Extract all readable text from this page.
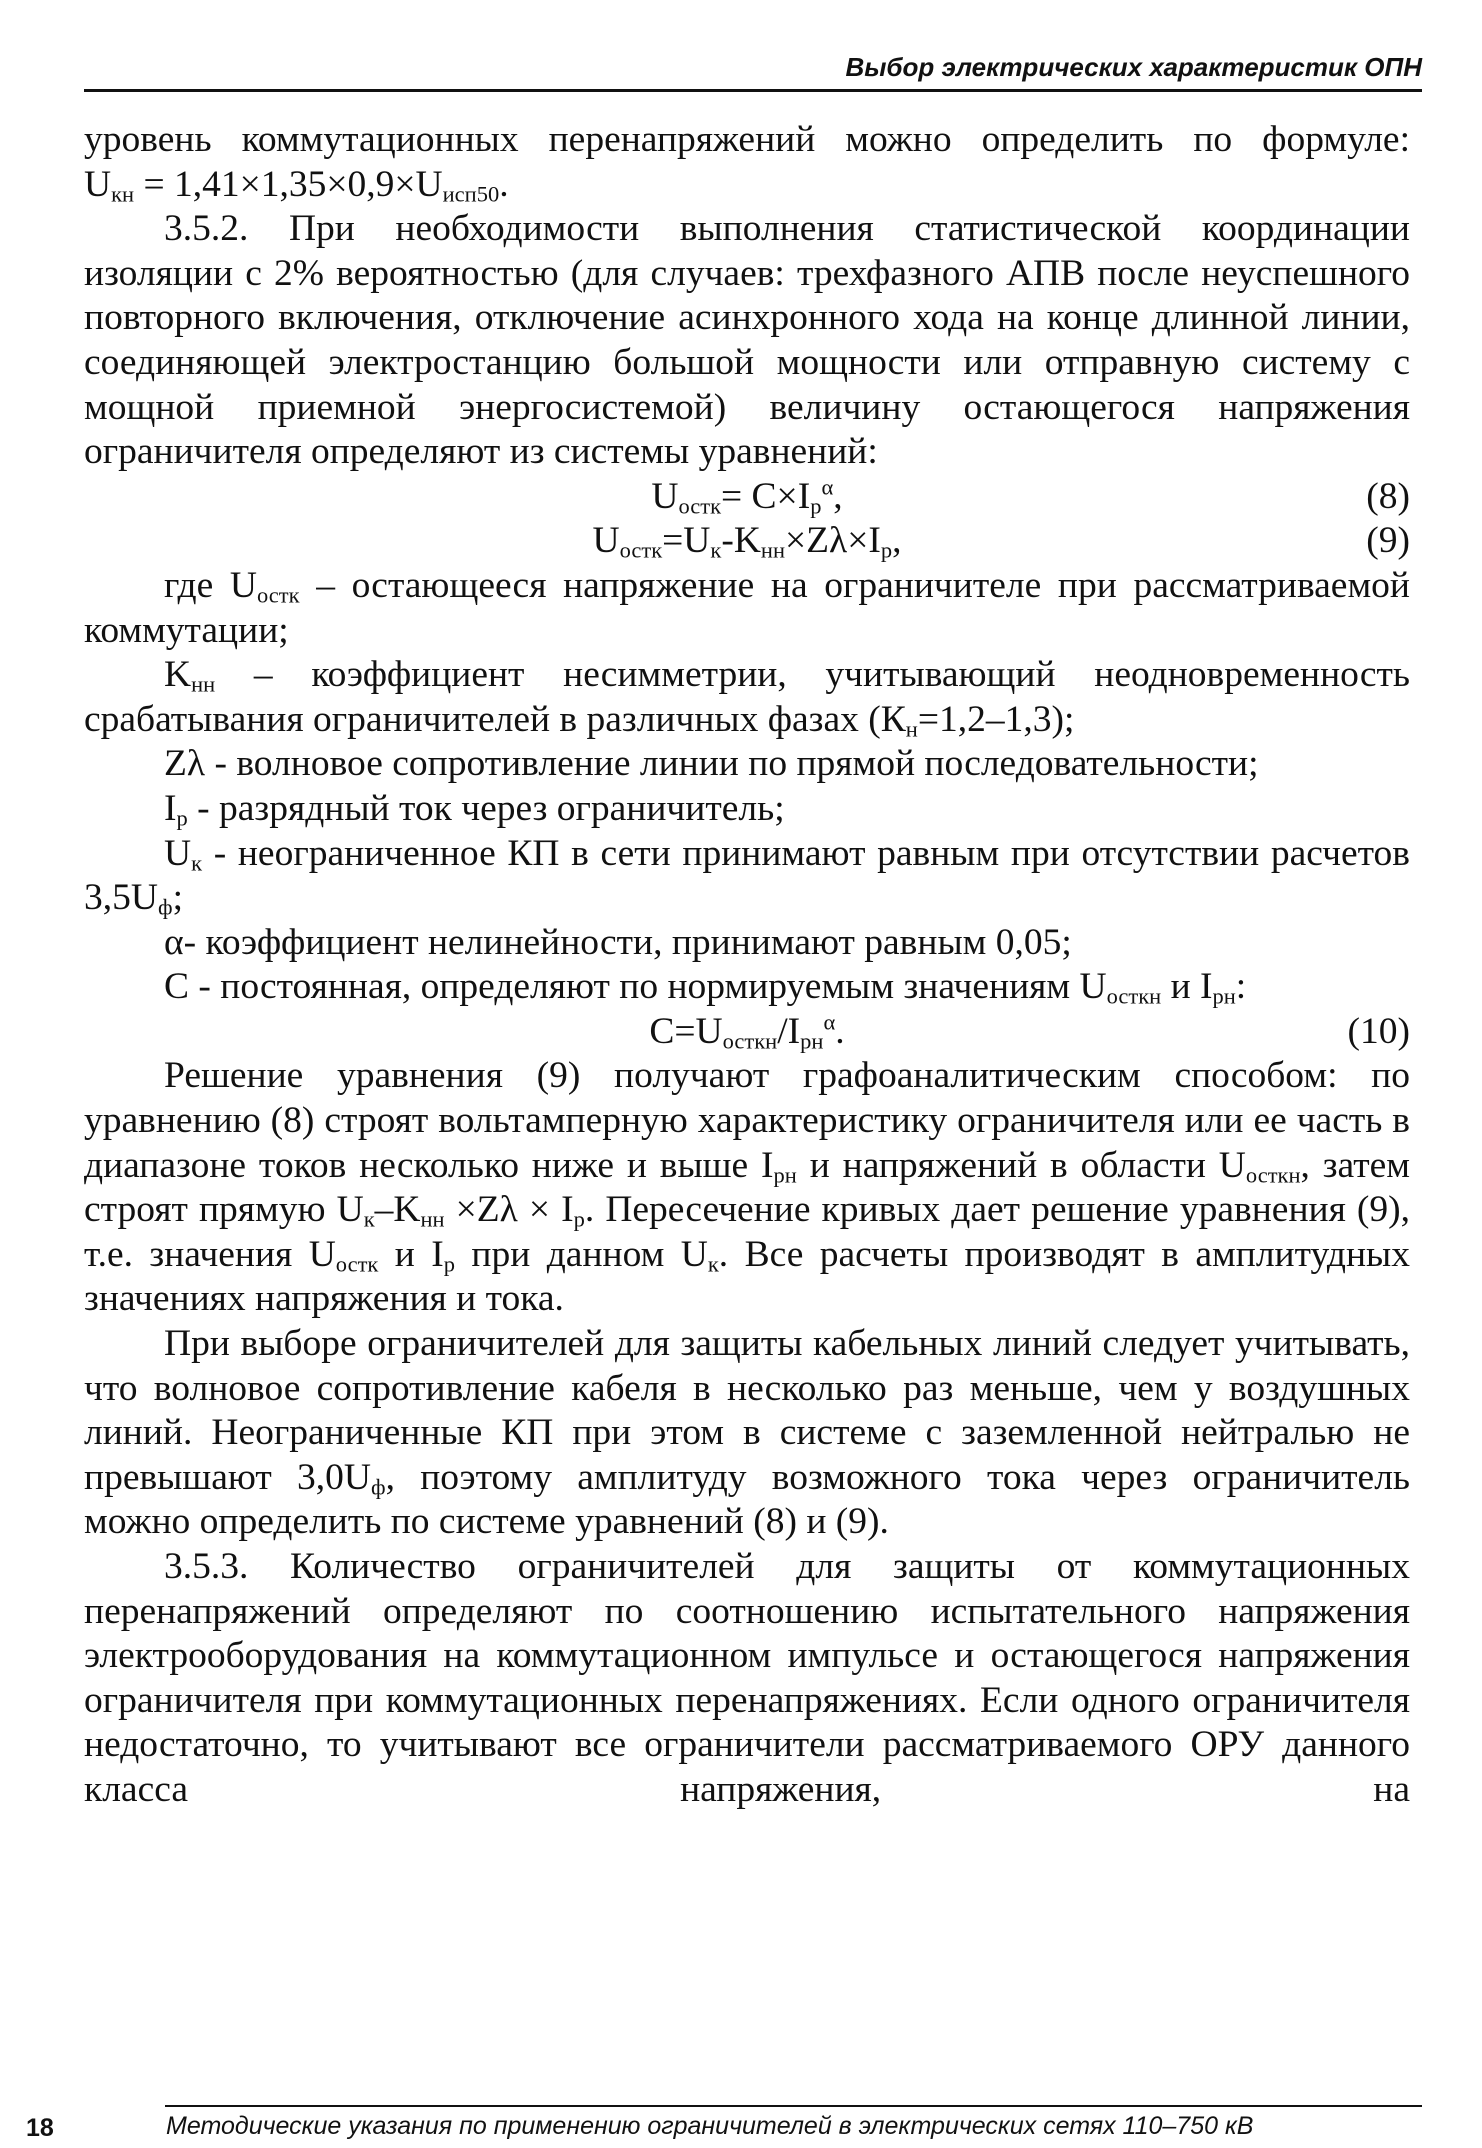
Выбор электрических характеристик ОПН

уровень коммутационных перенапряжений можно определить по формуле:

$U_{кн} = 1,41\times 1,35\times 0,9\times U_{исп50}$.

3.5.2. При необходимости выполнения статистической координации изоляции с 2% вероятностью (для случаев: трехфазного АПВ после неуспешного повторного включения, отключение асинхронного хода на конце длинной линии, соединяющей электростанцию большой мощности или отправную систему с мощной приемной энергосистемой) величину остающегося напряжения ограничителя определяют из системы уравнений:

$U_{остк}= C\times I_р^\alpha$,	(8)
$U_{остк}=U_к-K_{нн}\times Z\lambda\times I_р$,	(9)

где $U_{остк}$ – остающееся напряжение на ограничителе при рассматриваемой коммутации;

$K_{нн}$ – коэффициент несимметрии, учитывающий неодновременность срабатывания ограничителей в различных фазах $(К_н=1,2-1,3)$;

Zλ - волновое сопротивление линии по прямой последовательности;

$I_р$ - разрядный ток через ограничитель;

$U_к$ - неограниченное КП в сети принимают равным при отсутствии расчетов $3,5U_ф$;

α- коэффициент нелинейности, принимают равным 0,05;

С - постоянная, определяют по нормируемым значениям $U_{осткн}$ и $I_{рн}$:

$C=U_{осткн}/I_{рн}^\alpha$.	(10)

Решение уравнения (9) получают графоаналитическим способом: по уравнению (8) строят вольтамперную характеристику ограничителя или ее часть в диапазоне токов несколько ниже и выше $I_{рн}$ и напряжений в области $U_{осткн}$, затем строят прямую $U_к-K_{нн} \times Z\lambda \times I_р$. Пересечение кривых дает решение уравнения (9), т.е. значения $U_{остк}$ и $I_р$ при данном $U_к$. Все расчеты производят в амплитудных значениях напряжения и тока.

При выборе ограничителей для защиты кабельных линий следует учитывать, что волновое сопротивление кабеля в несколько раз меньше, чем у воздушных линий. Неограниченные КП при этом в системе с заземленной нейтралью не превышают $3,0U_ф$, поэтому амплитуду возможного тока через ограничитель можно определить по системе уравнений (8) и (9).

3.5.3. Количество ограничителей для защиты от коммутационных перенапряжений определяют по соотношению испытательного напряжения электрооборудования на коммутационном импульсе и остающегося напряжения ограничителя при коммутационных перенапряжениях. Если одного ограничителя недостаточно, то учитывают все ограничители рассматриваемого ОРУ данного класса напряжения, на

18	Методические указания по применению ограничителей в электрических сетях 110–750 кВ
